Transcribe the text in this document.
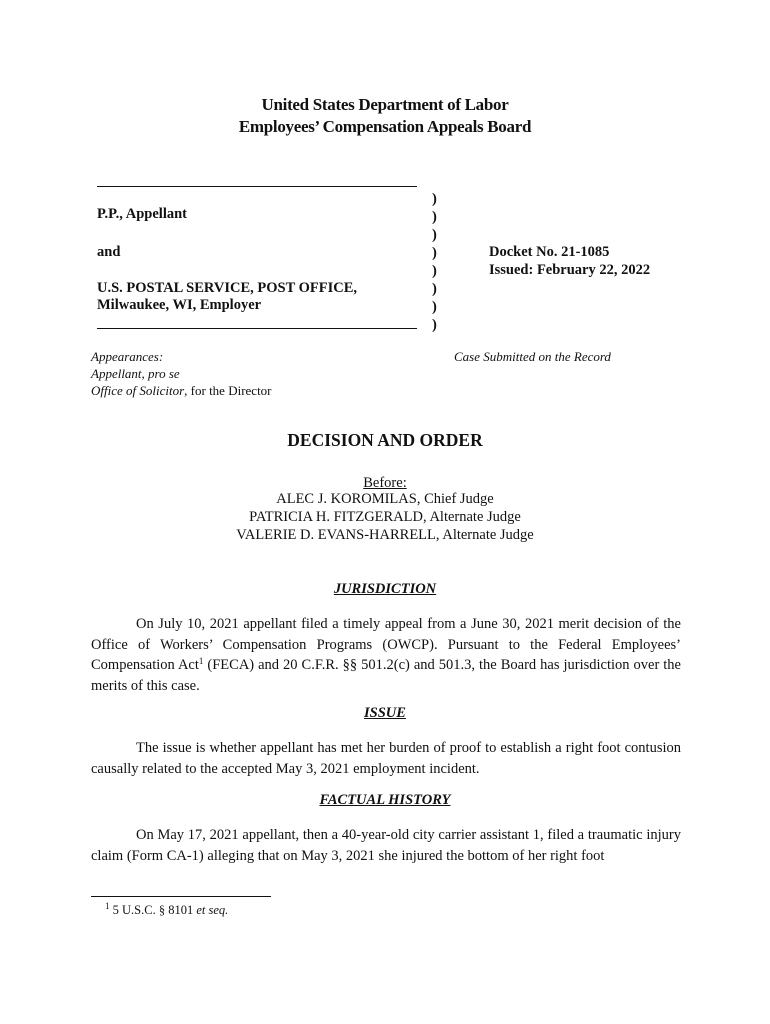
United States Department of Labor
Employees’ Compensation Appeals Board
P.P., Appellant
and
U.S. POSTAL SERVICE, POST OFFICE,
Milwaukee, WI, Employer
)
)
)
)
)
)
)
)
Docket No. 21-1085
Issued: February 22, 2022
Appearances:
Appellant, pro se
Office of Solicitor, for the Director
Case Submitted on the Record
DECISION AND ORDER
Before:
ALEC J. KOROMILAS, Chief Judge
PATRICIA H. FITZGERALD, Alternate Judge
VALERIE D. EVANS-HARRELL, Alternate Judge
JURISDICTION
On July 10, 2021 appellant filed a timely appeal from a June 30, 2021 merit decision of the Office of Workers’ Compensation Programs (OWCP). Pursuant to the Federal Employees’ Compensation Act$^1$ (FECA) and 20 C.F.R. §§ 501.2(c) and 501.3, the Board has jurisdiction over the merits of this case.
ISSUE
The issue is whether appellant has met her burden of proof to establish a right foot contusion causally related to the accepted May 3, 2021 employment incident.
FACTUAL HISTORY
On May 17, 2021 appellant, then a 40-year-old city carrier assistant 1, filed a traumatic injury claim (Form CA-1) alleging that on May 3, 2021 she injured the bottom of her right foot
$^1$ 5 U.S.C. § 8101 et seq.
